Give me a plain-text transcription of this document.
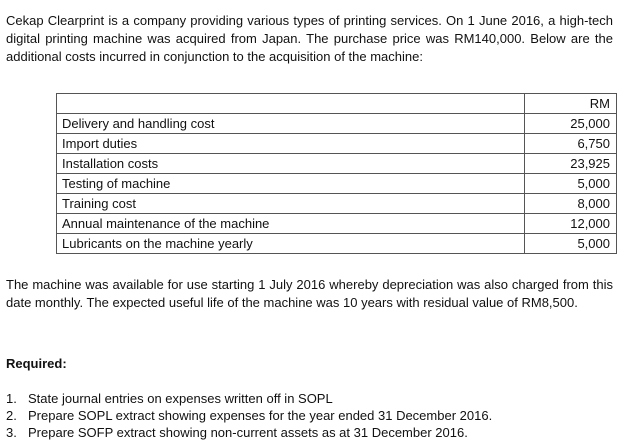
Cekap Clearprint is a company providing various types of printing services. On 1 June 2016, a high-tech digital printing machine was acquired from Japan. The purchase price was RM140,000. Below are the additional costs incurred in conjunction to the acquisition of the machine:

	RM
Delivery and handling cost	25,000
Import duties	6,750
Installation costs	23,925
Testing of machine	5,000
Training cost	8,000
Annual maintenance of the machine	12,000
Lubricants on the machine yearly	5,000

The machine was available for use starting 1 July 2016 whereby depreciation was also charged from this date monthly. The expected useful life of the machine was 10 years with residual value of RM8,500.

Required:

1. State journal entries on expenses written off in SOPL
2. Prepare SOPL extract showing expenses for the year ended 31 December 2016.
3. Prepare SOFP extract showing non-current assets as at 31 December 2016.
